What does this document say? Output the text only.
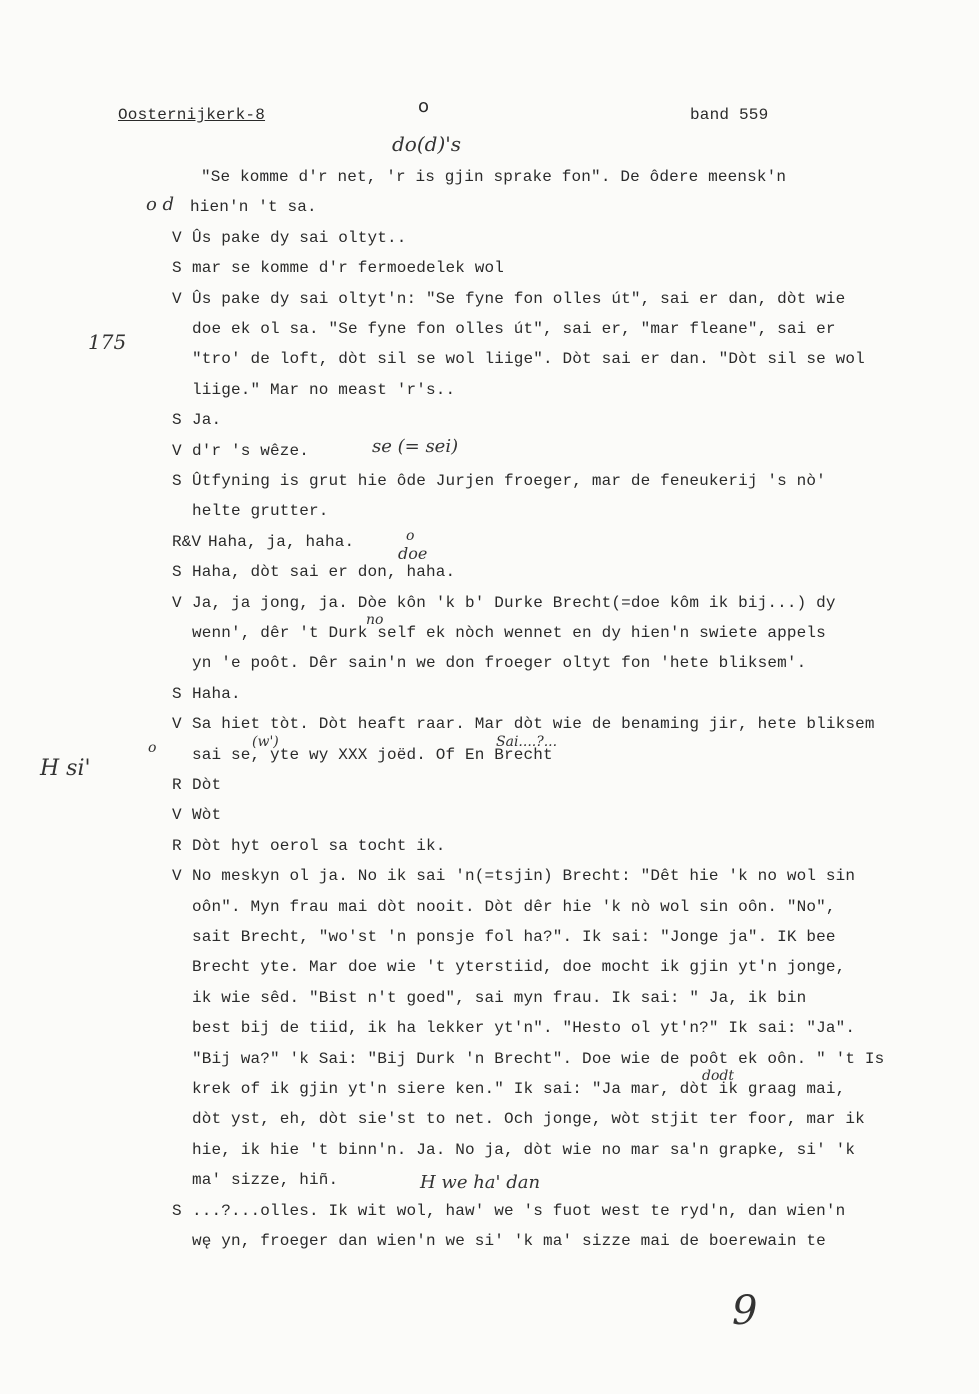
Oosternijkerk-8	o	band 559
"Se komme d'r net, 'r is gjin sprake fon". De ôdere meensk'n
hien'n 't sa.
V Ûs pake dy sai oltyt..
S mar se komme d'r fermoedelek wol
V Ûs pake dy sai oltyt'n: "Se fyne fon olles út", sai er dan, dòt wie
doe ek ol sa. "Se fyne fon olles út", sai er, "mar fleane", sai er
"tro' de loft, dòt sil se wol liige". Dòt sai er dan. "Dòt sil se wol
liige." Mar no meast 'r's..
S Ja.
V d'r 's wêze.
S Ûtfyning is grut hie ôde Jurjen froeger, mar de feneukerij 's nò'
helte grutter.
R&V Haha, ja, haha.
S Haha, dòt sai er don, haha.
V Ja, ja jong, ja. Dòe kôn 'k b' Durke Brecht(=doe kôm ik bij...) dy
wenn', dêr 't Durk self ek nòch wennet en dy hien'n swiete appels
yn 'e poôt. Dêr sain'n we don froeger oltyt fon 'hete bliksem'.
S Haha.
V Sa hiet tòt. Dòt heaft raar. Mar dòt wie de benaming jir, hete bliksem
sai se, yte wy XXX joëd. Of En Brecht
R Dòt
V Wòt
R Dòt hyt oerol sa tocht ik.
V No meskyn ol ja. No ik sai 'n(=tsjin) Brecht: "Dêt hie 'k no wol sin
oôn". Myn frau mai dòt nooit. Dòt dêr hie 'k nò wol sin oôn. "No",
sait Brecht, "wo'st 'n ponsje fol ha?". Ik sai: "Jonge ja". IK bee
Brecht yte. Mar doe wie 't yterstiid, doe mocht ik gjin yt'n jonge,
ik wie sêd. "Bist n't goed", sai myn frau. Ik sai: " Ja, ik bin
best bij de tiid, ik ha lekker yt'n". "Hesto ol yt'n?" Ik sai: "Ja".
"Bij wa?" 'k Sai: "Bij Durk 'n Brecht". Doe wie de poôt ek oôn. " 't Is
krek of ik gjin yt'n siere ken." Ik sai: "Ja mar, dòt ik graag mai,
dòt yst, eh, dòt sie'st to net. Och jonge, wòt stjit ter foor, mar ik
hie, ik hie 't binn'n. Ja. No ja, dòt wie no mar sa'n grapke, si' 'k
ma' sizze, hiñ.
S ...?...olles. Ik wit wol, haw' we 's fuot west te ryd'n, dan wien'n
wę yn, froeger dan wien'n we si' 'k ma' sizze mai de boerewain te
do(d)'s
o d
175
se (= sei)
o
doe
no
(w')	Sai....?...
o
H si'
dodt
H we ha' dan
9
